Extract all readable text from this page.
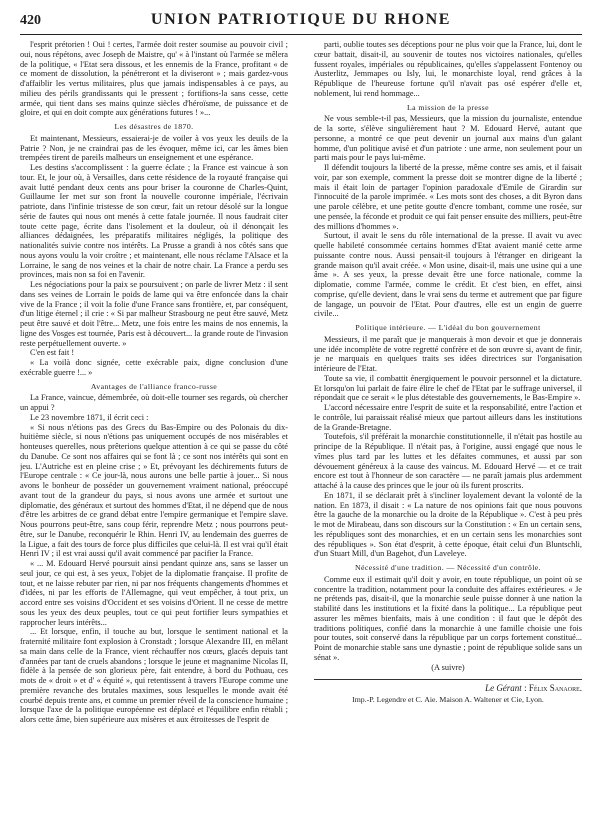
420	UNION PATRIOTIQUE DU RHONE

l'esprit prétorien ! Oui ! certes, l'armée doit rester soumise au pouvoir civil ; oui, nous répétons, avec Joseph de Maistre, qu' « à l'instant où l'armée se mêlera de la politique, « l'Etat sera dissous, et les ennemis de la France, profitant « de ce moment de dissolution, la pénétreront et la diviseront » ; mais gardez-vous d'affaiblir les vertus militaires, plus que jamais indispensables à ce pays, au milieu des périls grandissants qui le pressent ; fortifions-la sans cesse, cette armée, qui tient dans ses mains quinze siècles d'héroïsme, de puissance et de gloire, et qui en doit compte aux générations futures ! »...

Les désastres de 1870.

Et maintenant, Messieurs, essaierai-je de voiler à vos yeux les deuils de la Patrie ? Non, je ne craindrai pas de les évoquer, même ici, car les âmes bien trempées tirent de pareils malheurs un enseignement et une espérance.

Les destins s'accomplissent : la guerre éclate ; la France est vaincue à son tour. Et, le jour où, à Versailles, dans cette résidence de la royauté française qui avait lutté pendant deux cents ans pour briser la couronne de Charles-Quint, Guillaume Ier met sur son front la nouvelle couronne impériale, l'écrivain patriote, dans l'infinie tristesse de son cœur, fait un retour désolé sur la longue série de fautes qui nous ont menés à cette fatale journée. Il nous faudrait citer toute cette page, écrite dans l'isolement et la douleur, où il dénonçait les alliances dédaignées, les préparatifs militaires négligés, la politique des nationalités suivie contre nos intérêts. La Prusse a grandi à nos côtés sans que nous ayons voulu la voir croître ; et maintenant, elle nous réclame l'Alsace et la Lorraine, le sang de nos veines et la chair de notre chair. La France a perdu ses provinces, mais non sa foi en l'avenir.

Les négociations pour la paix se poursuivent ; on parle de livrer Metz : il sent dans ses veines de Lorrain le poids de lame qui va être enfoncée dans la chair vive de la France ; il voit la folie d'une France sans frontière, et, par conséquent, d'un litige éternel ; il crie : « Si par malheur Strasbourg ne peut être sauvé, Metz peut être sauvé et doit l'être... Metz, une fois entre les mains de nos ennemis, la ligne des Vosges est tournée, Paris est à découvert... la grande route de l'invasion reste perpétuellement ouverte. »

C'en est fait !

« La voilà donc signée, cette exécrable paix, digne conclusion d'une exécrable guerre !... »

Avantages de l'alliance franco-russe

La France, vaincue, démembrée, où doit-elle tourner ses regards, où chercher un appui ?

Le 23 novembre 1871, il écrit ceci :

« Si nous n'étions pas des Grecs du Bas-Empire ou des Polonais du dix-huitième siècle, si nous n'étions pas uniquement occupés de nos misérables et honteuses querelles, nous prêterions quelque attention à ce qui se passe du côté du Danube. Ce sont nos affaires qui se font là ; ce sont nos intérêts qui sont en jeu. L'Autriche est en pleine crise ; » Et, prévoyant les déchirements futurs de l'Europe centrale : « Ce jour-là, nous aurons une belle partie à jouer... Si nous avons le bonheur de posséder un gouvernement vraiment national, préoccupé avant tout de la grandeur du pays, si nous avons une armée et surtout une diplomatie, des généraux et surtout des hommes d'Etat, il ne dépend que de nous d'être les arbitres de ce grand débat entre l'empire germanique et l'empire slave. Nous pourrons peut-être, sans coup férir, reprendre Metz ; nous pourrons peut-être, sur le Danube, reconquérir le Rhin. Henri IV, au lendemain des guerres de la Ligue, a fait des tours de force plus difficiles que celui-là. Il est vrai qu'il était Henri IV ; il est vrai aussi qu'il avait commencé par pacifier la France.

« ... M. Edouard Hervé poursuit ainsi pendant quinze ans, sans se lasser un seul jour, ce qui est, à ses yeux, l'objet de la diplomatie française. Il profite de tout, et ne laisse rebuter par rien, ni par nos fréquents changements d'hommes et d'idées, ni par les efforts de l'Allemagne, qui veut empêcher, à tout prix, un accord entre ses voisins d'Occident et ses voisins d'Orient. Il ne cesse de mettre sous les yeux des deux peuples, tout ce qui peut fortifier leurs sympathies et rapprocher leurs intérêts...

... Et lorsque, enfin, il touche au but, lorsque le sentiment national et la fraternité militaire font explosion à Cronstadt ; lorsque Alexandre III, en mêlant sa main dans celle de la France, vient réchauffer nos cœurs, glacés depuis tant d'années par tant de cruels abandons ; lorsque le jeune et magnanime Nicolas II, fidèle à la pensée de son glorieux père, fait entendre, à bord du Pothuau, ces mots de « droit » et d' « équité », qui retentissent à travers l'Europe comme une première revanche des brutales maximes, sous lesquelles le monde avait été courbé depuis trente ans, et comme un premier réveil de la conscience humaine ; lorsque l'axe de la politique européenne est déplacé et l'équilibre enfin rétabli ; alors cette âme, bien supérieure aux misères et aux étroitesses de l'esprit de

parti, oublie toutes ses déceptions pour ne plus voir que la France, lui, dont le cœur battait, disait-il, au souvenir de toutes nos victoires nationales, qu'elles fussent royales, impériales ou républicaines, qu'elles s'appelassent Fontenoy ou Austerlitz, Jemmapes ou Isly, lui, le monarchiste loyal, rend grâces à la République de l'heureuse fortune qu'il n'avait pas osé espérer d'elle et, noblement, lui rend hommage...

La mission de la presse

Ne vous semble-t-il pas, Messieurs, que la mission du journaliste, entendue de la sorte, s'élève singulièrement haut ? M. Edouard Hervé, autant que personne, a montré ce que peut devenir un journal aux mains d'un galant homme, d'un politique avisé et d'un patriote : une arme, non seulement pour un parti mais pour le pays lui-même.

Il défendit toujours la liberté de la presse, même contre ses amis, et il faisait voir, par son exemple, comment la presse doit se montrer digne de la liberté ; mais il était loin de partager l'opinion paradoxale d'Emile de Girardin sur l'innocuité de la parole imprimée. « Les mots sont des choses, a dit Byron dans une parole célèbre, et une petite goutte d'encre tombant, comme une rosée, sur une pensée, la féconde et produit ce qui fait penser ensuite des milliers, peut-être des millions d'hommes ».

Surtout, il avait le sens du rôle international de la presse. Il avait vu avec quelle habileté consommée certains hommes d'Etat avaient manié cette arme puissante contre nous. Aussi pensait-il toujours à l'étranger en dirigeant la grande maison qu'il avait créée. « Mon usine, disait-il, mais une usine qui a une âme ». A ses yeux, la presse devait être une force nationale, comme la diplomatie, comme l'armée, comme le crédit. Et c'est bien, en effet, ainsi comprise, qu'elle devient, dans le vrai sens du terme et autrement que par figure de langage, un pouvoir de l'Etat. Pour d'autres, elle est un engin de guerre civile...

Politique intérieure. — L'idéal du bon gouvernement

Messieurs, il me paraît que je manquerais à mon devoir et que je donnerais une idée incomplète de votre regretté confrère et de son œuvre si, avant de finir, je ne marquais en quelques traits ses idées directrices sur l'organisation intérieure de l'Etat.

Toute sa vie, il combattit énergiquement le pouvoir personnel et la dictature. Et lorsqu'on lui parlait de faire élire le chef de l'Etat par le suffrage universel, il répondait que ce serait « le plus détestable des gouvernements, le Bas-Empire ».

L'accord nécessaire entre l'esprit de suite et la responsabilité, entre l'action et le contrôle, lui paraissait réalisé mieux que partout ailleurs dans les institutions de la Grande-Bretagne.

Toutefois, s'il préférait la monarchie constitutionnelle, il n'était pas hostile au principe de la République. Il n'était pas, à l'origine, aussi engagé que nous le vîmes plus tard par les luttes et les défaites communes, et aussi par son dévouement généreux à la cause des vaincus. M. Edouard Hervé — et ce trait encore est tout à l'honneur de son caractère — ne paraît jamais plus ardemment attaché à la cause des princes que le jour où ils furent proscrits.

En 1871, il se déclarait prêt à s'incliner loyalement devant la volonté de la nation. En 1873, il disait : « La nature de nos opinions fait que nous pouvons être la gauche de la monarchie ou la droite de la République ». C'est à peu près le mot de Mirabeau, dans son discours sur la Constitution : « En un certain sens, les républiques sont des monarchies, et en un certain sens les monarchies sont des républiques ». Son état d'esprit, à cette époque, était celui d'un Bluntschli, d'un Stuart Mill, d'un Bagehot, d'un Laveleye.

Nécessité d'une tradition. — Nécessité d'un contrôle.

Comme eux il estimait qu'il doit y avoir, en toute république, un point où se concentre la tradition, notamment pour la conduite des affaires extérieures. « Je ne prétends pas, disait-il, que la monarchie seule puisse donner à une nation la stabilité dans les institutions et la fixité dans la politique... La république peut assurer les mêmes bienfaits, mais à une condition : il faut que le dépôt des traditions politiques, confié dans la monarchie à une famille choisie une fois pour toutes, soit conservé dans la république par un corps fortement constitué... Point de monarchie stable sans une dynastie ; point de république solide sans un sénat ».

(A suivre)

Le Gérant : Félix Sanaore.

Imp.-P. Legendre et C. Aie. Maison A. Waltener et Cie, Lyon.
